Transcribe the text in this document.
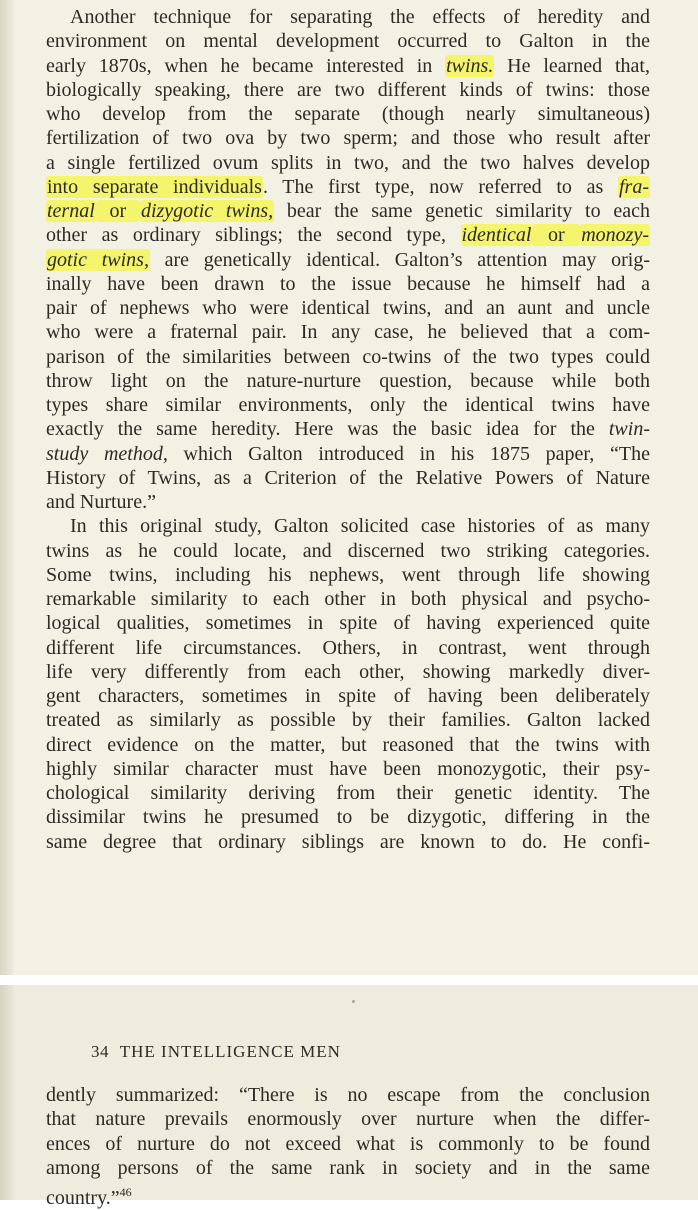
34 THE INTELLIGENCE MEN
Another technique for separating the effects of heredity and
environment on mental development occurred to Galton in the
early 1870s, when he became interested in twins. He learned that,
biologically speaking, there are two different kinds of twins: those
who develop from the separate (though nearly simultaneous)
fertilization of two ova by two sperm; and those who result after
a single fertilized ovum splits in two, and the two halves develop
into separate individuals. The first type, now referred to as fra-
ternal or dizygotic twins, bear the same genetic similarity to each
other as ordinary siblings; the second type, identical or monozy-
gotic twins, are genetically identical. Galton’s attention may orig-
inally have been drawn to the issue because he himself had a
pair of nephews who were identical twins, and an aunt and uncle
who were a fraternal pair. In any case, he believed that a com-
parison of the similarities between co-twins of the two types could
throw light on the nature-nurture question, because while both
types share similar environments, only the identical twins have
exactly the same heredity. Here was the basic idea for the twin-
study method, which Galton introduced in his 1875 paper, “The
History of Twins, as a Criterion of the Relative Powers of Nature
and Nurture.”
In this original study, Galton solicited case histories of as many
twins as he could locate, and discerned two striking categories.
Some twins, including his nephews, went through life showing
remarkable similarity to each other in both physical and psycho-
logical qualities, sometimes in spite of having experienced quite
different life circumstances. Others, in contrast, went through
life very differently from each other, showing markedly diver-
gent characters, sometimes in spite of having been deliberately
treated as similarly as possible by their families. Galton lacked
direct evidence on the matter, but reasoned that the twins with
highly similar character must have been monozygotic, their psy-
chological similarity deriving from their genetic identity. The
dissimilar twins he presumed to be dizygotic, differing in the
same degree that ordinary siblings are known to do. He confi-
dently summarized: “There is no escape from the conclusion
that nature prevails enormously over nurture when the differ-
ences of nurture do not exceed what is commonly to be found
among persons of the same rank in society and in the same
country.”$^{46}$
